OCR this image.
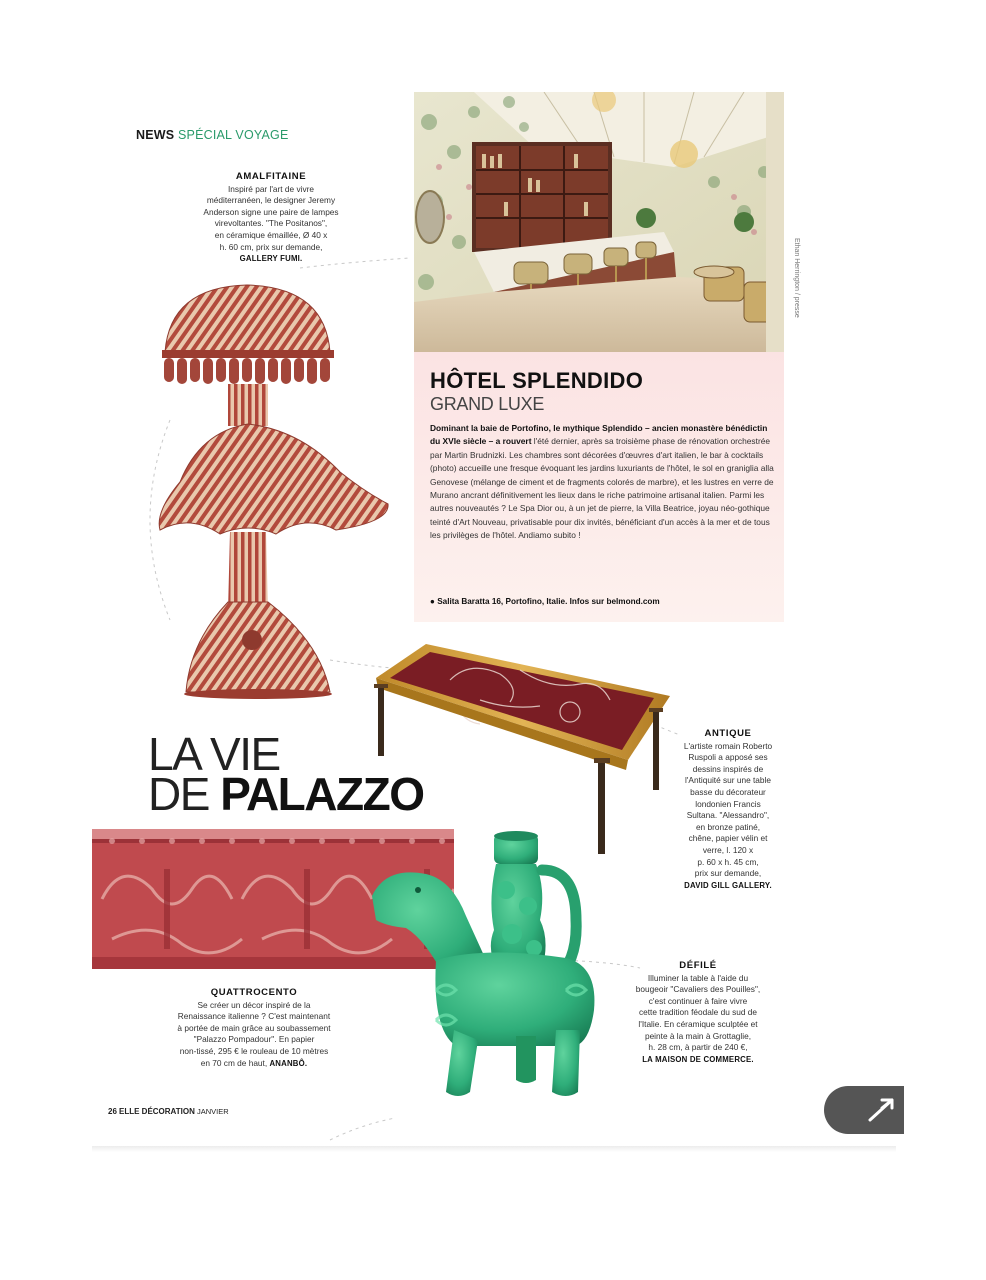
NEWS SPÉCIAL VOYAGE
AMALFITAINE
Inspiré par l'art de vivre
méditerranéen, le designer Jeremy
Anderson signe une paire de lampes
virevoltantes. "The Positanos",
en céramique émaillée, Ø 40 x
h. 60 cm, prix sur demande,
GALLERY FUMI.	Ethan Herrington / presse
HÔTEL SPLENDIDO
GRAND LUXE
Dominant la baie de Portofino, le mythique Splendido – ancien monastère bénédictin du XVIe siècle – a rouvert l'été dernier, après sa troisième phase de rénovation orchestrée par Martin Brudnizki. Les chambres sont décorées d'œuvres d'art italien, le bar à cocktails (photo) accueille une fresque évoquant les jardins luxuriants de l'hôtel, le sol en graniglia alla Genovese (mélange de ciment et de fragments colorés de marbre), et les lustres en verre de Murano ancrant définitivement les lieux dans le riche patrimoine artisanal italien. Parmi les autres nouveautés ? Le Spa Dior ou, à un jet de pierre, la Villa Beatrice, joyau néo-gothique teinté d'Art Nouveau, privatisable pour dix invités, bénéficiant d'un accès à la mer et de tous les privilèges de l'hôtel. Andiamo subito !
● Salita Baratta 16, Portofino, Italie. Infos sur belmond.com
LA VIE
DE PALAZZO
ANTIQUE
L'artiste romain Roberto
Ruspoli a apposé ses
dessins inspirés de
l'Antiquité sur une table
basse du décorateur
londonien Francis
Sultana. "Alessandro",
en bronze patiné,
chêne, papier vélin et
verre, l. 120 x
p. 60 x h. 45 cm,
prix sur demande,
DAVID GILL GALLERY.
QUATTROCENTO
Se créer un décor inspiré de la
Renaissance italienne ? C'est maintenant
à portée de main grâce au soubassement
"Palazzo Pompadour". En papier
non-tissé, 295 € le rouleau de 10 mètres
en 70 cm de haut, ANANBÔ.
DÉFILÉ
Illuminer la table à l'aide du
bougeoir "Cavaliers des Pouilles",
c'est continuer à faire vivre
cette tradition féodale du sud de
l'Italie. En céramique sculptée et
peinte à la main à Grottaglie,
h. 28 cm, à partir de 240 €,
LA MAISON DE COMMERCE.
26 ELLE DÉCORATION JANVIER
